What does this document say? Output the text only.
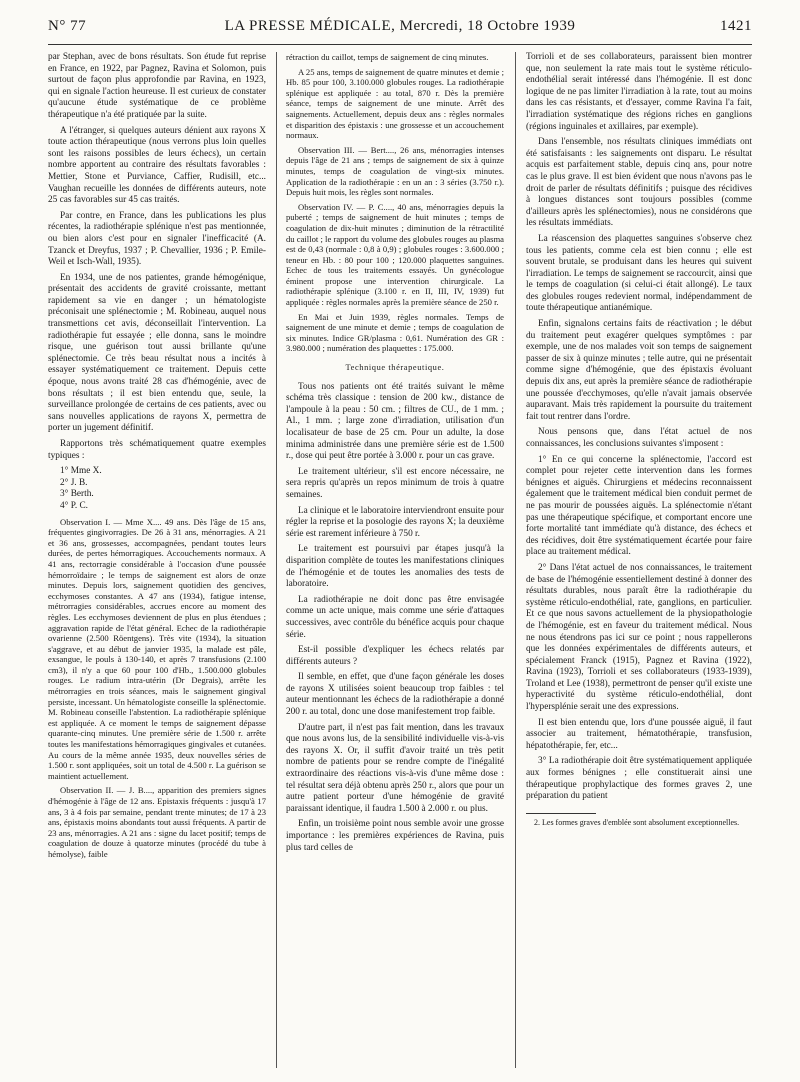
N° 77	LA PRESSE MÉDICALE, Mercredi, 18 Octobre 1939	1421

par Stephan, avec de bons résultats. Son étude fut reprise en France, en 1922, par Pagnez, Ravina et Solomon, puis surtout de façon plus approfondie par Ravina, en 1923, qui en signale l'action heureuse. Il est curieux de constater qu'aucune étude systématique de ce problème thérapeutique n'a été pratiquée par la suite.

A l'étranger, si quelques auteurs dénient aux rayons X toute action thérapeutique (nous verrons plus loin quelles sont les raisons possibles de leurs échecs), un certain nombre apportent au contraire des résultats favorables : Mettier, Stone et Purviance, Caffier, Rudisill, etc... Vaughan recueille les données de différents auteurs, note 25 cas favorables sur 45 cas traités.

Par contre, en France, dans les publications les plus récentes, la radiothérapie splénique n'est pas mentionnée, ou bien alors c'est pour en signaler l'inefficacité (A. Tzanck et Dreyfus, 1937 ; P. Chevallier, 1936 ; P. Emile-Weil et Isch-Wall, 1935).

En 1934, une de nos patientes, grande hémogénique, présentait des accidents de gravité croissante, mettant rapidement sa vie en danger ; un hématologiste préconisait une splénectomie ; M. Robineau, auquel nous transmettions cet avis, déconseillait l'intervention. La radiothérapie fut essayée ; elle donna, sans le moindre risque, une guérison tout aussi brillante qu'une splénectomie. Ce très beau résultat nous a incités à essayer systématiquement ce traitement. Depuis cette époque, nous avons traité 28 cas d'hémogénie, avec de bons résultats ; il est bien entendu que, seule, la surveillance prolongée de certains de ces patients, avec ou sans nouvelles applications de rayons X, permettra de porter un jugement définitif.

Rapportons très schématiquement quatre exemples typiques :

1° Mme X.
2° J. B.
3° Berth.
4° P. C.

Observation I. — Mme X.... 49 ans. Dès l'âge de 15 ans, fréquentes gingivorragies. De 26 à 31 ans, ménorragies. A 21 et 36 ans, grossesses, accompagnées, pendant toutes leurs durées, de pertes hémorragiques. Accouchements normaux. A 41 ans, rectorragie considérable à l'occasion d'une poussée hémorroïdaire ; le temps de saignement est alors de onze minutes. Depuis lors, saignement quotidien des gencives, ecchymoses constantes. A 47 ans (1934), fatigue intense, métrorragies considérables, accrues encore au moment des règles. Les ecchymoses deviennent de plus en plus étendues ; aggravation rapide de l'état général. Echec de la radiothérapie ovarienne (2.500 Röentgens). Très vite (1934), la situation s'aggrave, et au début de janvier 1935, la malade est pâle, exsangue, le pouls à 130-140, et après 7 transfusions (2.100 cm3), il n'y a que 60 pour 100 d'Hb., 1.500.000 globules rouges. Le radium intra-utérin (Dr Degrais), arrête les métrorragies en trois séances, mais le saignement gingival persiste, incessant. Un hématologiste conseille la splénectomie. M. Robineau conseille l'abstention. La radiothérapie splénique est appliquée. A ce moment le temps de saignement dépasse quarante-cinq minutes. Une première série de 1.500 r. arrête toutes les manifestations hémorragiques gingivales et cutanées. Au cours de la même année 1935, deux nouvelles séries de 1.500 r. sont appliquées, soit un total de 4.500 r. La guérison se maintient actuellement.

Observation II. — J. B...., apparition des premiers signes d'hémogénie à l'âge de 12 ans. Epistaxis fréquents : jusqu'à 17 ans, 3 à 4 fois par semaine, pendant trente minutes; de 17 à 23 ans, épistaxis moins abondants tout aussi fréquents. A partir de 23 ans, ménorragies. A 21 ans : signe du lacet positif; temps de coagulation de douze à quatorze minutes (procédé du tube à hémolyse), faible

rétraction du caillot, temps de saignement de cinq minutes.

A 25 ans, temps de saignement de quatre minutes et demie ; Hb. 85 pour 100, 3.100.000 globules rouges. La radiothérapie splénique est appliquée : au total, 870 r. Dès la première séance, temps de saignement de une minute. Arrêt des saignements. Actuellement, depuis deux ans : règles normales et disparition des épistaxis : une grossesse et un accouchement normaux.

Observation III. — Bert...., 26 ans, ménorragies intenses depuis l'âge de 21 ans ; temps de saignement de six à quinze minutes, temps de coagulation de vingt-six minutes. Application de la radiothérapie : en un an : 3 séries (3.750 r.). Depuis huit mois, les règles sont normales.

Observation IV. — P. C...., 40 ans, ménorragies depuis la puberté ; temps de saignement de huit minutes ; temps de coagulation de dix-huit minutes ; diminution de la rétractilité du caillot ; le rapport du volume des globules rouges au plasma est de 0,43 (normale : 0,8 à 0,9) ; globules rouges : 3.600.000 ; teneur en Hb. : 80 pour 100 ; 120.000 plaquettes sanguines. Echec de tous les traitements essayés. Un gynécologue éminent propose une intervention chirurgicale. La radiothérapie splénique (3.100 r. en II, III, IV, 1939) fut appliquée : règles normales après la première séance de 250 r.

En Mai et Juin 1939, règles normales. Temps de saignement de une minute et demie ; temps de coagulation de six minutes. Indice GR/plasma : 0,61. Numération des GR : 3.980.000 ; numération des plaquettes : 175.000.

Technique thérapeutique.

Tous nos patients ont été traités suivant le même schéma très classique : tension de 200 kw., distance de l'ampoule à la peau : 50 cm. ; filtres de CU., de 1 mm. ; Al., 1 mm. ; large zone d'irradiation, utilisation d'un localisateur de base de 25 cm. Pour un adulte, la dose minima administrée dans une première série est de 1.500 r., dose qui peut être portée à 3.000 r. pour un cas grave.

Le traitement ultérieur, s'il est encore nécessaire, ne sera repris qu'après un repos minimum de trois à quatre semaines.

La clinique et le laboratoire interviendront ensuite pour régler la reprise et la posologie des rayons X; la deuxième série est rarement inférieure à 750 r.

Le traitement est poursuivi par étapes jusqu'à la disparition complète de toutes les manifestations cliniques de l'hémogénie et de toutes les anomalies des tests de laboratoire.

La radiothérapie ne doit donc pas être envisagée comme un acte unique, mais comme une série d'attaques successives, avec contrôle du bénéfice acquis pour chaque série.

Est-il possible d'expliquer les échecs relatés par différents auteurs ?

Il semble, en effet, que d'une façon générale les doses de rayons X utilisées soient beaucoup trop faibles : tel auteur mentionnant les échecs de la radiothérapie a donné 200 r. au total, donc une dose manifestement trop faible.

D'autre part, il n'est pas fait mention, dans les travaux que nous avons lus, de la sensibilité individuelle vis-à-vis des rayons X. Or, il suffit d'avoir traité un très petit nombre de patients pour se rendre compte de l'inégalité extraordinaire des réactions vis-à-vis d'une même dose : tel résultat sera déjà obtenu après 250 r., alors que pour un autre patient porteur d'une hémogénie de gravité paraissant identique, il faudra 1.500 à 2.000 r. ou plus.

Enfin, un troisième point nous semble avoir une grosse importance : les premières expériences de Ravina, puis plus tard celles de

Torrioli et de ses collaborateurs, paraissent bien montrer que, non seulement la rate mais tout le système réticulo-endothélial serait intéressé dans l'hémogénie. Il est donc logique de ne pas limiter l'irradiation à la rate, tout au moins dans les cas résistants, et d'essayer, comme Ravina l'a fait, l'irradiation systématique des régions riches en ganglions (régions inguinales et axillaires, par exemple).

Dans l'ensemble, nos résultats cliniques immédiats ont été satisfaisants : les saignements ont disparu. Le résultat acquis est parfaitement stable, depuis cinq ans, pour notre cas le plus grave. Il est bien évident que nous n'avons pas le droit de parler de résultats définitifs ; puisque des récidives à longues distances sont toujours possibles (comme d'ailleurs après les splénectomies), nous ne considérons que les résultats immédiats.

La réascension des plaquettes sanguines s'observe chez tous les patients, comme cela est bien connu ; elle est souvent brutale, se produisant dans les heures qui suivent l'irradiation. Le temps de saignement se raccourcit, ainsi que le temps de coagulation (si celui-ci était allongé). Le taux des globules rouges redevient normal, indépendamment de toute thérapeutique antianémique.

Enfin, signalons certains faits de réactivation ; le début du traitement peut exagérer quelques symptômes : par exemple, une de nos malades voit son temps de saignement passer de six à quinze minutes ; telle autre, qui ne présentait comme signe d'hémogénie, que des épistaxis évoluant depuis dix ans, eut après la première séance de radiothérapie une poussée d'ecchymoses, qu'elle n'avait jamais observée auparavant. Mais très rapidement la poursuite du traitement fait tout rentrer dans l'ordre.

Nous pensons que, dans l'état actuel de nos connaissances, les conclusions suivantes s'imposent :

1° En ce qui concerne la splénectomie, l'accord est complet pour rejeter cette intervention dans les formes bénignes et aiguës. Chirurgiens et médecins reconnaissent également que le traitement médical bien conduit permet de ne pas mourir de poussées aiguës. La splénectomie n'étant pas une thérapeutique spécifique, et comportant encore une forte mortalité tant immédiate qu'à distance, des échecs et des récidives, doit être systématiquement écartée pour faire place au traitement médical.

2° Dans l'état actuel de nos connaissances, le traitement de base de l'hémogénie essentiellement destiné à donner des résultats durables, nous paraît être la radiothérapie du système réticulo-endothélial, rate, ganglions, en particulier. Et ce que nous savons actuellement de la physiopathologie de l'hémogénie, est en faveur du traitement médical. Nous ne nous étendrons pas ici sur ce point ; nous rappellerons que les données expérimentales de différents auteurs, et spécialement Franck (1915), Pagnez et Ravina (1922), Ravina (1923), Torrioli et ses collaborateurs (1933-1939), Troland et Lee (1938), permettront de penser qu'il existe une hyperactivité du système réticulo-endothélial, dont l'hypersplénie serait une des expressions.

Il est bien entendu que, lors d'une poussée aiguë, il faut associer au traitement, hématothérapie, transfusion, hépatothérapie, fer, etc...

3° La radiothérapie doit être systématiquement appliquée aux formes bénignes ; elle constituerait ainsi une thérapeutique prophylactique des formes graves 2, une préparation du patient

2. Les formes graves d'emblée sont absolument exceptionnelles.
